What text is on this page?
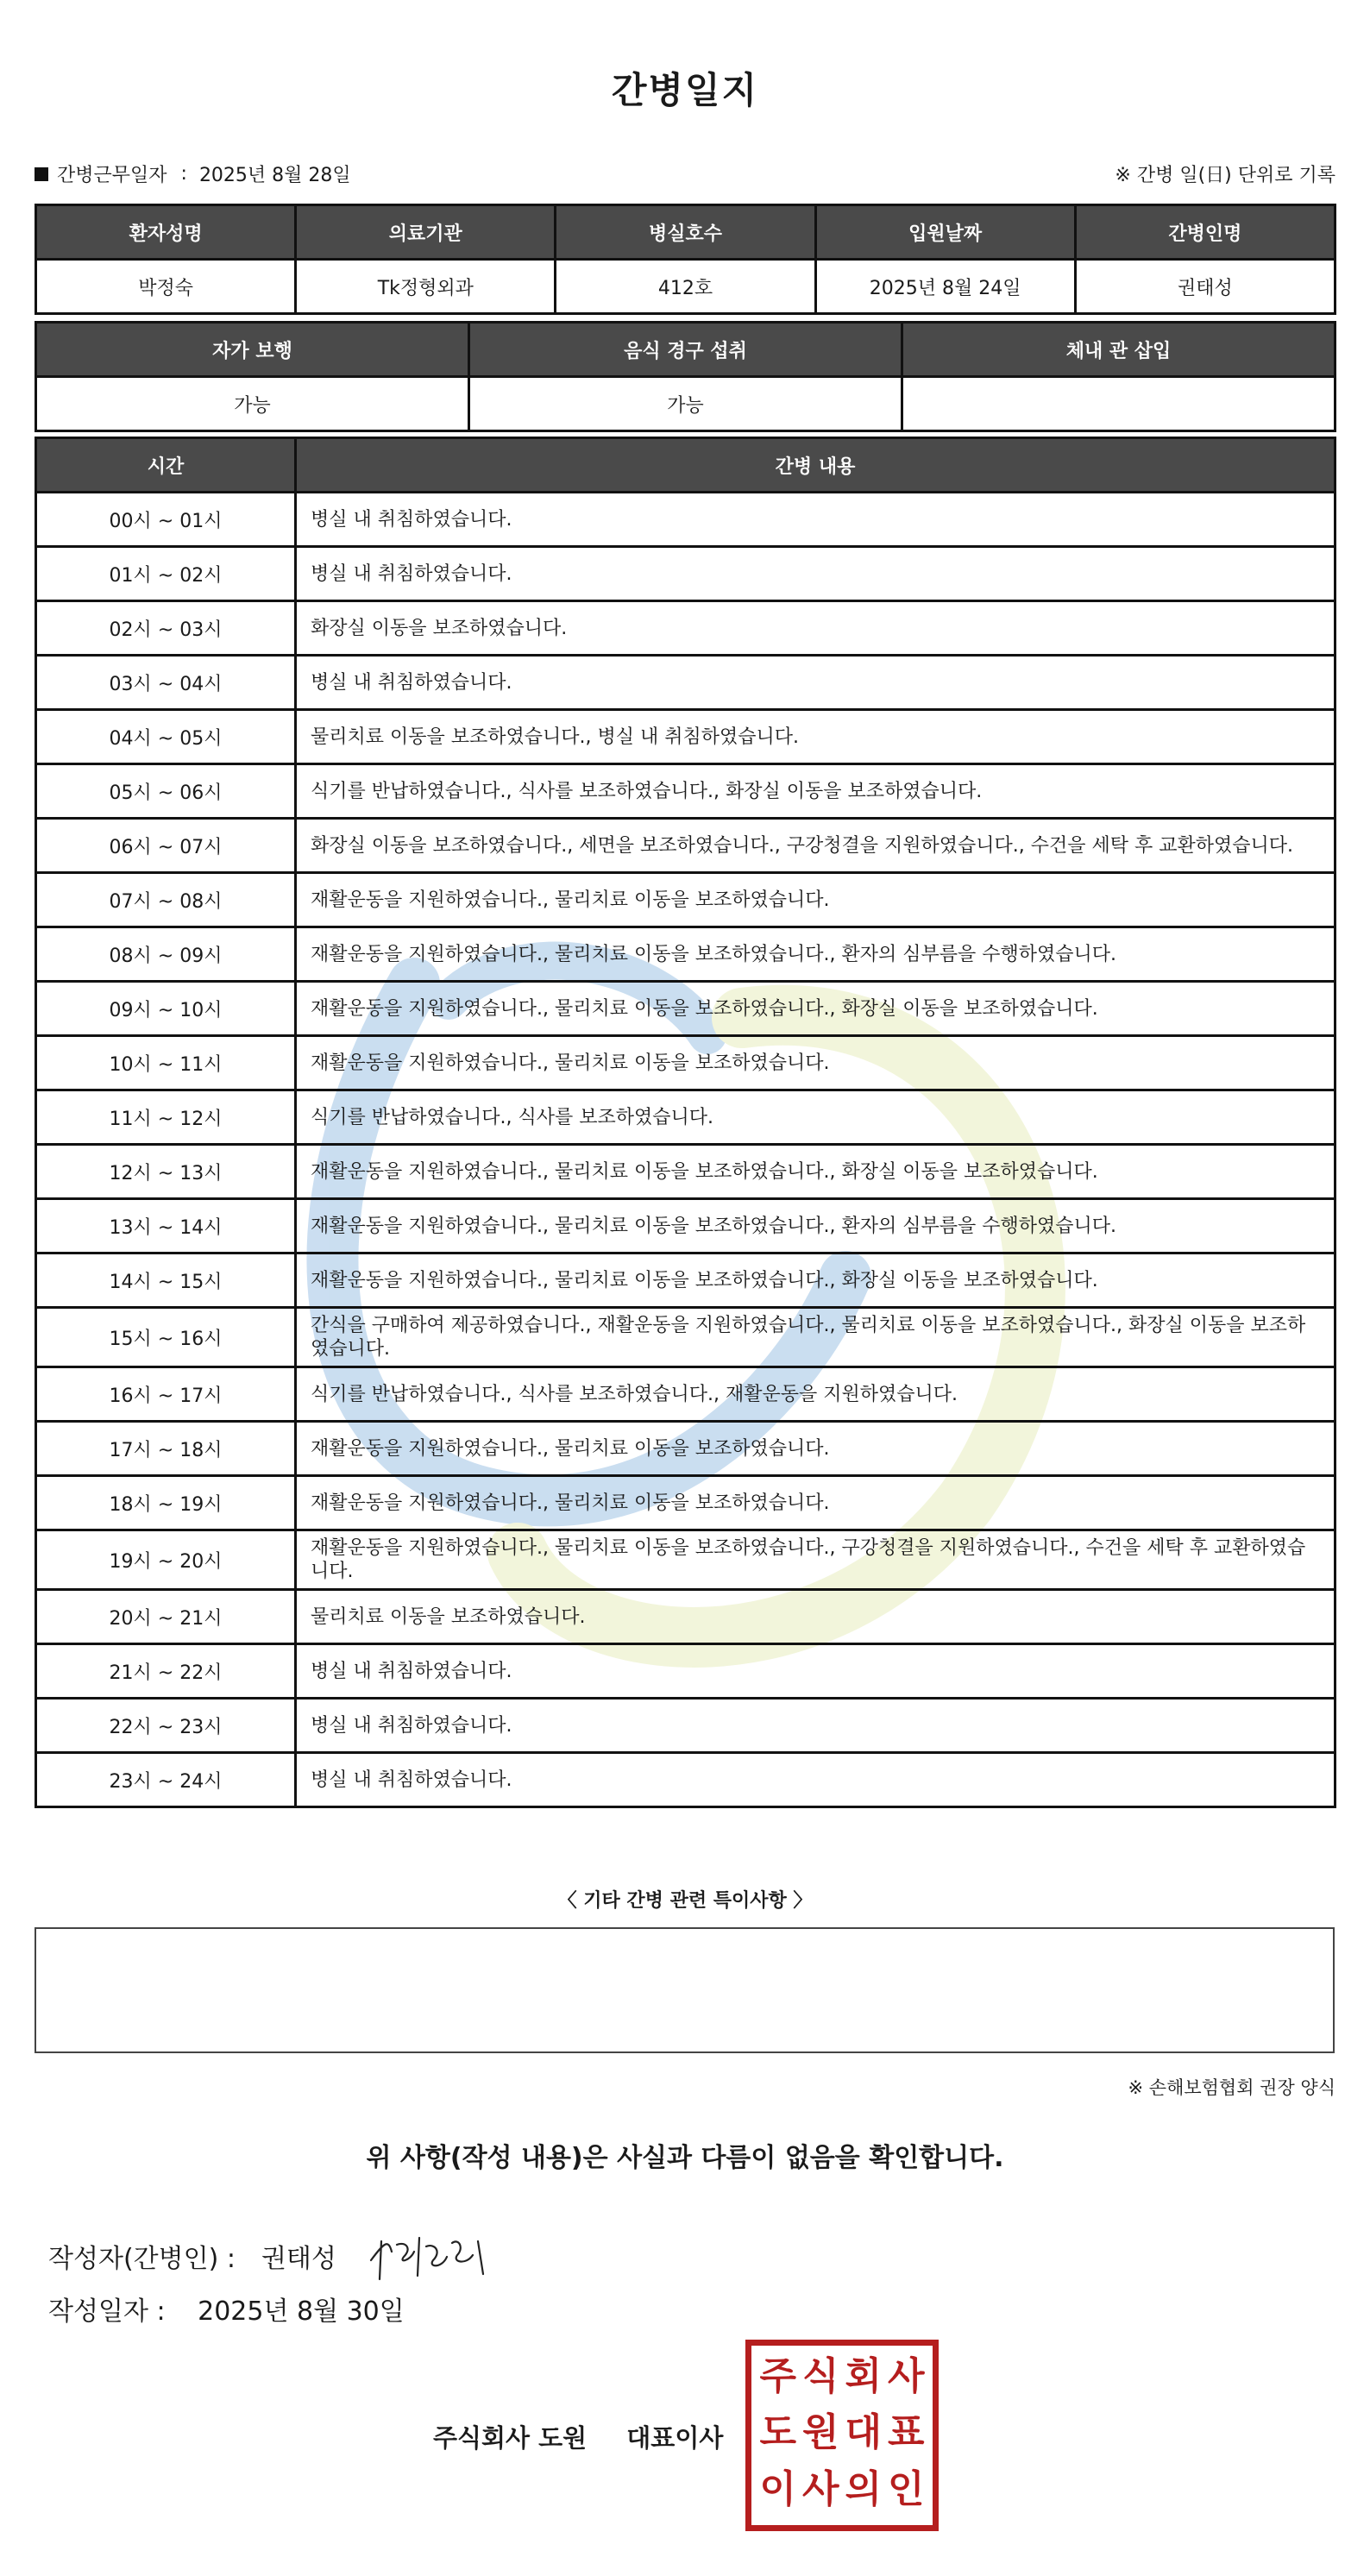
간병일지
간병근무일자 : 2025년 8월 28일	※ 간병 일(日) 단위로 기록
환자성명	의료기관	병실호수	입원날짜	간병인명
박정숙	Tk정형외과	412호	2025년 8월 24일	권태성
자가 보행	음식 경구 섭취	체내 관 삽입
가능	가능	
시간	간병 내용
00시 ~ 01시	병실 내 취침하였습니다.
01시 ~ 02시	병실 내 취침하였습니다.
02시 ~ 03시	화장실 이동을 보조하였습니다.
03시 ~ 04시	병실 내 취침하였습니다.
04시 ~ 05시	물리치료 이동을 보조하였습니다., 병실 내 취침하였습니다.
05시 ~ 06시	식기를 반납하였습니다., 식사를 보조하였습니다., 화장실 이동을 보조하였습니다.
06시 ~ 07시	화장실 이동을 보조하였습니다., 세면을 보조하였습니다., 구강청결을 지원하였습니다., 수건을 세탁 후 교환하였습니다.
07시 ~ 08시	재활운동을 지원하였습니다., 물리치료 이동을 보조하였습니다.
08시 ~ 09시	재활운동을 지원하였습니다., 물리치료 이동을 보조하였습니다., 환자의 심부름을 수행하였습니다.
09시 ~ 10시	재활운동을 지원하였습니다., 물리치료 이동을 보조하였습니다., 화장실 이동을 보조하였습니다.
10시 ~ 11시	재활운동을 지원하였습니다., 물리치료 이동을 보조하였습니다.
11시 ~ 12시	식기를 반납하였습니다., 식사를 보조하였습니다.
12시 ~ 13시	재활운동을 지원하였습니다., 물리치료 이동을 보조하였습니다., 화장실 이동을 보조하였습니다.
13시 ~ 14시	재활운동을 지원하였습니다., 물리치료 이동을 보조하였습니다., 환자의 심부름을 수행하였습니다.
14시 ~ 15시	재활운동을 지원하였습니다., 물리치료 이동을 보조하였습니다., 화장실 이동을 보조하였습니다.
15시 ~ 16시	간식을 구매하여 제공하였습니다., 재활운동을 지원하였습니다., 물리치료 이동을 보조하였습니다., 화장실 이동을 보조하였습니다.
16시 ~ 17시	식기를 반납하였습니다., 식사를 보조하였습니다., 재활운동을 지원하였습니다.
17시 ~ 18시	재활운동을 지원하였습니다., 물리치료 이동을 보조하였습니다.
18시 ~ 19시	재활운동을 지원하였습니다., 물리치료 이동을 보조하였습니다.
19시 ~ 20시	재활운동을 지원하였습니다., 물리치료 이동을 보조하였습니다., 구강청결을 지원하였습니다., 수건을 세탁 후 교환하였습니다.
20시 ~ 21시	물리치료 이동을 보조하였습니다.
21시 ~ 22시	병실 내 취침하였습니다.
22시 ~ 23시	병실 내 취침하였습니다.
23시 ~ 24시	병실 내 취침하였습니다.
〈 기타 간병 관련 특이사항 〉
※ 손해보험협회 권장 양식
위 사항(작성 내용)은 사실과 다름이 없음을 확인합니다.
작성자(간병인) : 권태성
작성일자 : 2025년 8월 30일
주식회사 도원 대표이사
주 식 회 사
도 원 대 표
이 사 의 인
